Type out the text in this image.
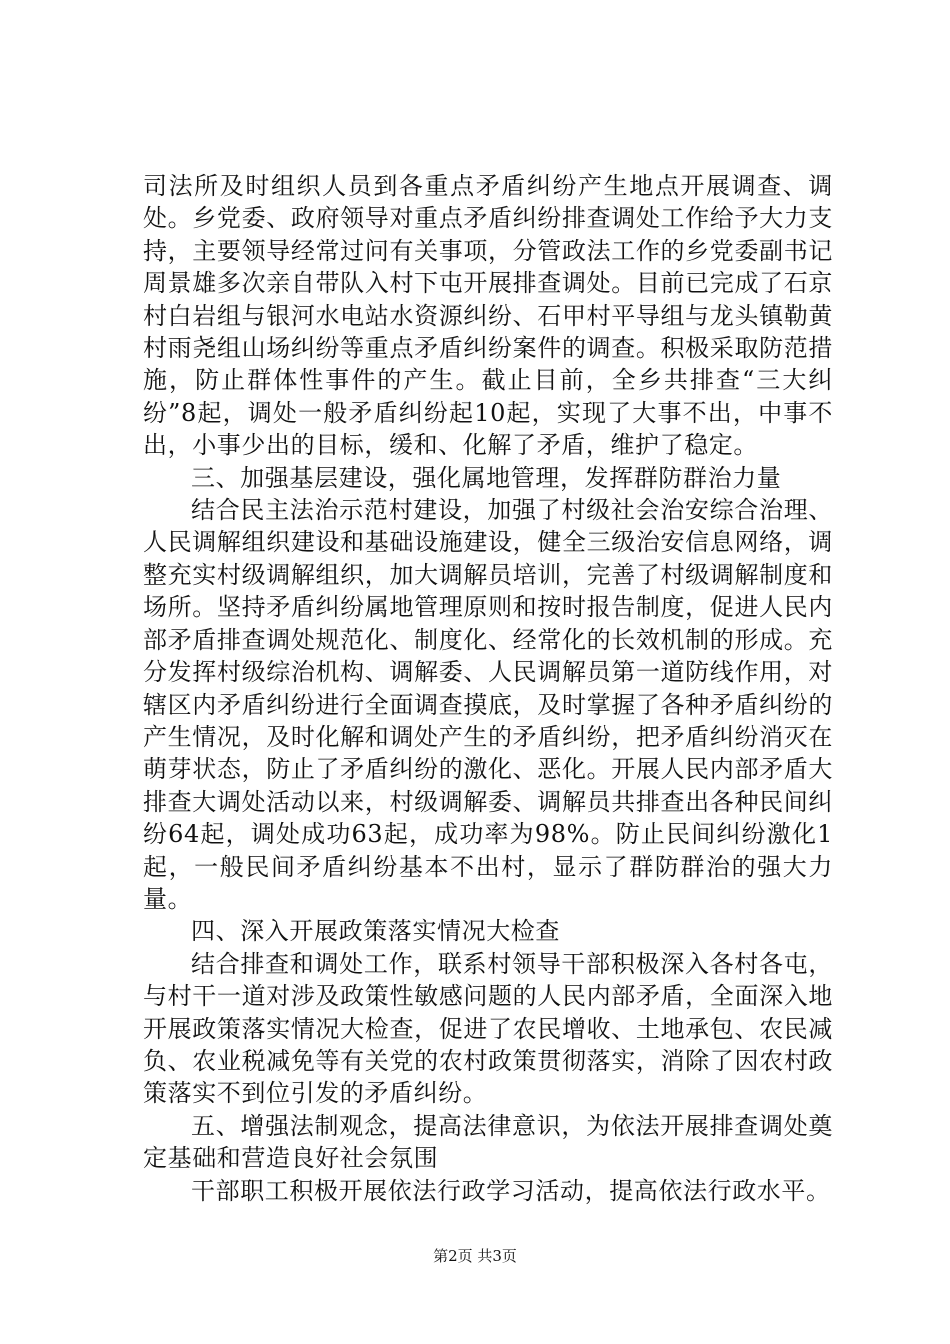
司法所及时组织人员到各重点矛盾纠纷产生地点开展调查、调处。乡党委、政府领导对重点矛盾纠纷排查调处工作给予大力支持，主要领导经常过问有关事项，分管政法工作的乡党委副书记周景雄多次亲自带队入村下屯开展排查调处。目前已完成了石京村白岩组与银河水电站水资源纠纷、石甲村平导组与龙头镇勒黄村雨尧组山场纠纷等重点矛盾纠纷案件的调查。积极采取防范措施，防止群体性事件的产生。截止目前，全乡共排查“三大纠纷”8起，调处一般矛盾纠纷起10起，实现了大事不出，中事不出，小事少出的目标，缓和、化解了矛盾，维护了稳定。

三、加强基层建设，强化属地管理，发挥群防群治力量

结合民主法治示范村建设，加强了村级社会治安综合治理、人民调解组织建设和基础设施建设，健全三级治安信息网络，调整充实村级调解组织，加大调解员培训，完善了村级调解制度和场所。坚持矛盾纠纷属地管理原则和按时报告制度，促进人民内部矛盾排查调处规范化、制度化、经常化的长效机制的形成。充分发挥村级综治机构、调解委、人民调解员第一道防线作用，对辖区内矛盾纠纷进行全面调查摸底，及时掌握了各种矛盾纠纷的产生情况，及时化解和调处产生的矛盾纠纷，把矛盾纠纷消灭在萌芽状态，防止了矛盾纠纷的激化、恶化。开展人民内部矛盾大排查大调处活动以来，村级调解委、调解员共排查出各种民间纠纷64起，调处成功63起，成功率为98%。防止民间纠纷激化1起，一般民间矛盾纠纷基本不出村，显示了群防群治的强大力量。

四、深入开展政策落实情况大检查

结合排查和调处工作，联系村领导干部积极深入各村各屯，与村干一道对涉及政策性敏感问题的人民内部矛盾，全面深入地开展政策落实情况大检查，促进了农民增收、土地承包、农民减负、农业税减免等有关党的农村政策贯彻落实，消除了因农村政策落实不到位引发的矛盾纠纷。

五、增强法制观念，提高法律意识，为依法开展排查调处奠定基础和营造良好社会氛围

干部职工积极开展依法行政学习活动，提高依法行政水平。

第2页 共3页
